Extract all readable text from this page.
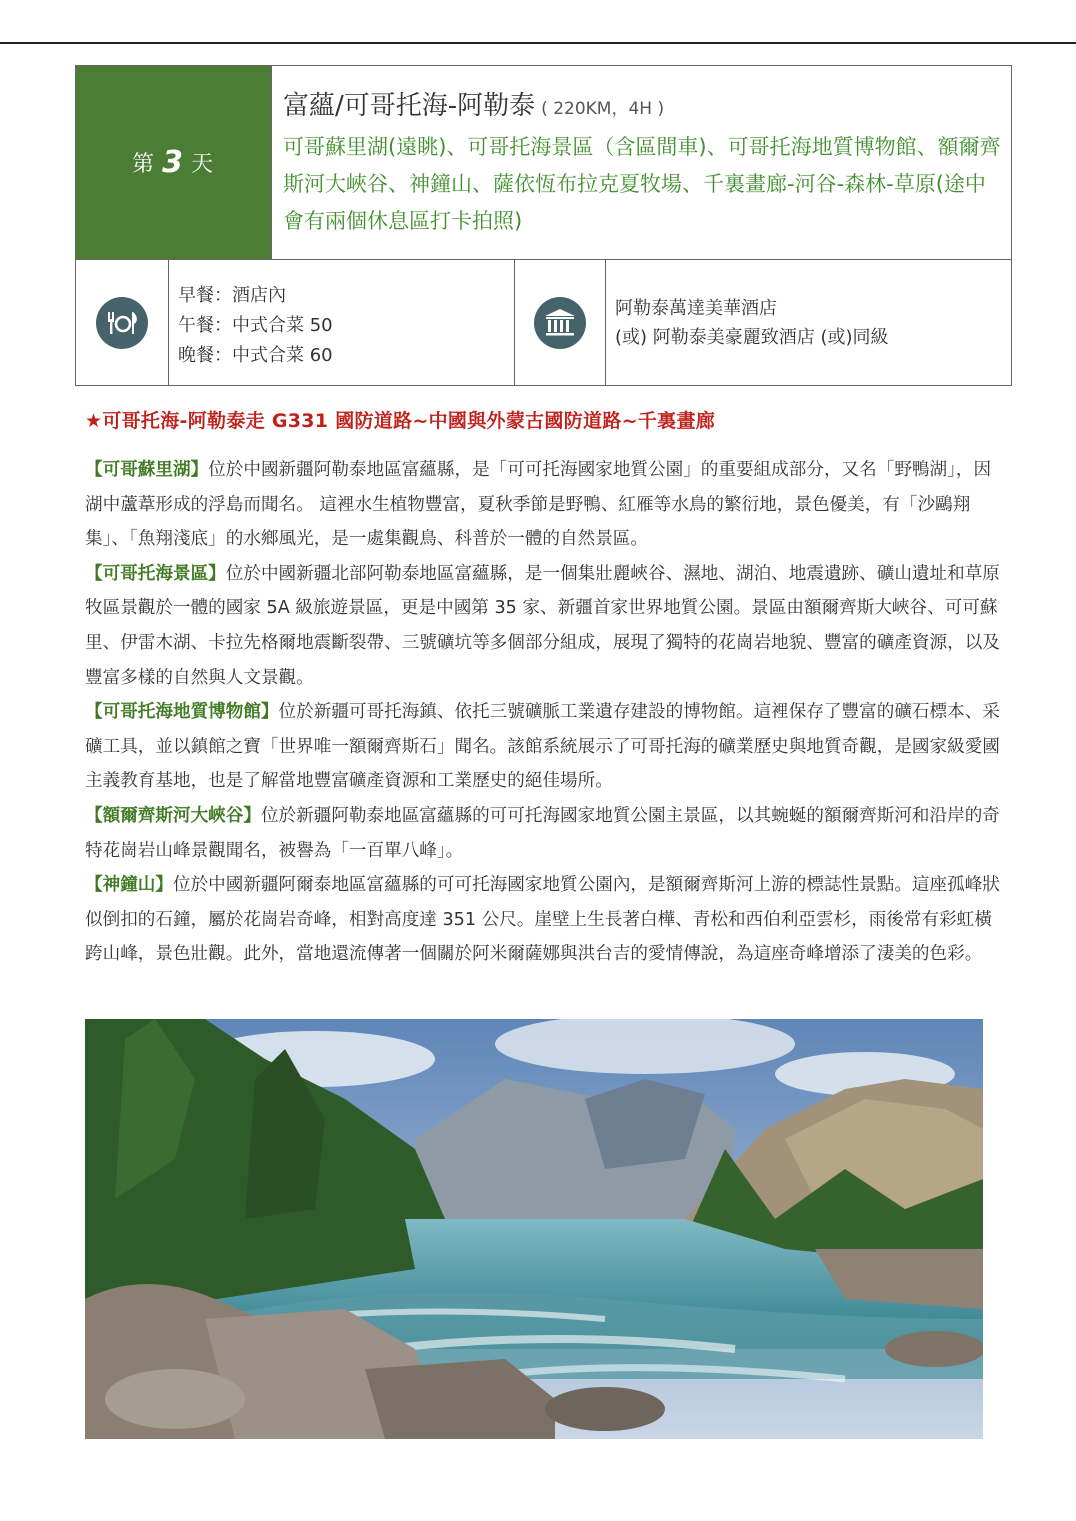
第 3 天
富蘊/可哥托海-阿勒泰 ( 220KM，4H )
可哥蘇里湖(遠眺)、可哥托海景區（含區間車)、可哥托海地質博物館、額爾齊斯河大峽谷、神鐘山、薩依恆布拉克夏牧場、千裏畫廊-河谷-森林-草原(途中會有兩個休息區打卡拍照)
早餐：酒店內
午餐：中式合菜 50
晚餐：中式合菜 60
阿勒泰萬達美華酒店
(或) 阿勒泰美豪麗致酒店 (或)同級
★可哥托海-阿勒泰走 G331 國防道路~中國與外蒙古國防道路~千裏畫廊

【可哥蘇里湖】位於中國新疆阿勒泰地區富蘊縣，是「可可托海國家地質公園」的重要組成部分，又名「野鴨湖」，因湖中蘆葦形成的浮島而聞名。 這裡水生植物豐富，夏秋季節是野鴨、紅雁等水鳥的繁衍地，景色優美，有「沙鷗翔集」、「魚翔淺底」的水鄉風光，是一處集觀鳥、科普於一體的自然景區。

【可哥托海景區】位於中國新疆北部阿勒泰地區富蘊縣，是一個集壯麗峽谷、濕地、湖泊、地震遺跡、礦山遺址和草原牧區景觀於一體的國家 5A 級旅遊景區，更是中國第 35 家、新疆首家世界地質公園。景區由額爾齊斯大峽谷、可可蘇里、伊雷木湖、卡拉先格爾地震斷裂帶、三號礦坑等多個部分組成，展現了獨特的花崗岩地貌、豐富的礦產資源，以及豐富多樣的自然與人文景觀。

【可哥托海地質博物館】位於新疆可哥托海鎮、依托三號礦脈工業遺存建設的博物館。這裡保存了豐富的礦石標本、采礦工具，並以鎮館之寶「世界唯一額爾齊斯石」聞名。該館系統展示了可哥托海的礦業歷史與地質奇觀，是國家級愛國主義教育基地，也是了解當地豐富礦產資源和工業歷史的絕佳場所。

【額爾齊斯河大峽谷】位於新疆阿勒泰地區富蘊縣的可可托海國家地質公園主景區，以其蜿蜒的額爾齊斯河和沿岸的奇特花崗岩山峰景觀聞名，被譽為「一百單八峰」。

【神鐘山】位於中國新疆阿爾泰地區富蘊縣的可可托海國家地質公園內，是額爾齊斯河上游的標誌性景點。這座孤峰狀似倒扣的石鐘，屬於花崗岩奇峰，相對高度達 351 公尺。崖壁上生長著白樺、青松和西伯利亞雲杉，雨後常有彩虹橫跨山峰，景色壯觀。此外，當地還流傳著一個關於阿米爾薩娜與洪台吉的愛情傳說，為這座奇峰增添了淒美的色彩。
